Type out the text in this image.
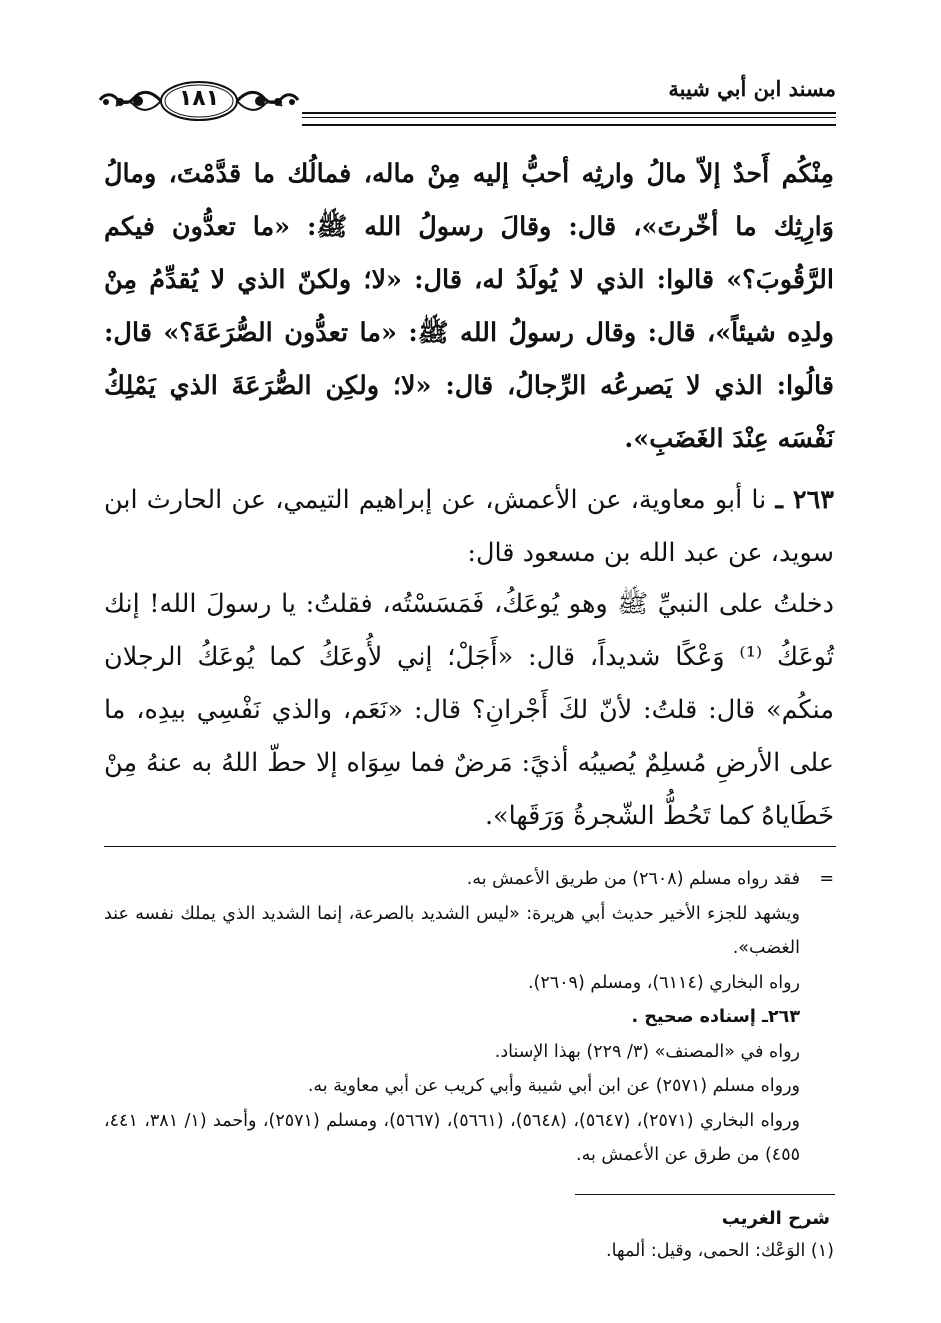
١٨١	مسند ابن أبي شيبة

مِنْكُم أَحدٌ إلاّ مالُ وارثِه أحبُّ إليه مِنْ ماله، فمالُك ما قدَّمْتَ، ومالُ وَارِثِك ما أخّرتَ»، قال: وقالَ رسولُ الله ﷺ: «ما تعدُّون فيكم الرَّقُوبَ؟» قالوا: الذي لا يُولَدُ له، قال: «لا؛ ولكنّ الذي لا يُقدِّمُ مِنْ ولدِه شيئاً»، قال: وقال رسولُ الله ﷺ: «ما تعدُّون الصُّرَعَةَ؟» قال: قالُوا: الذي لا يَصرعُه الرِّجالُ، قال: «لا؛ ولكِن الصُّرَعَةَ الذي يَمْلِكُ نَفْسَه عِنْدَ الغَضَبِ».

٢٦٣ ـ نا أبو معاوية، عن الأعمش، عن إبراهيم التيمي، عن الحارث ابن سويد، عن عبد الله بن مسعود قال:

دخلتُ على النبيِّ ﷺ وهو يُوعَكُ، فَمَسَسْتُه، فقلتُ: يا رسولَ الله! إنك تُوعَكُ ⁽¹⁾ وَعْكًا شديداً، قال: «أَجَلْ؛ إني لأُوعَكُ كما يُوعَكُ الرجلان منكُم» قال: قلتُ: لأنّ لكَ أَجْرانِ؟ قال: «نَعَم، والذي نَفْسِي بيدِه، ما على الأرضِ مُسلِمٌ يُصيبُه أذيً: مَرضٌ فما سِوَاه إلا حطّ اللهُ به عنهُ مِنْ خَطَاياهُ كما تَحُطُّ الشّجرةُ وَرَقَها».

=فقد رواه مسلم (٢٦٠٨) من طريق الأعمش به.

ويشهد للجزء الأخير حديث أبي هريرة: «ليس الشديد بالصرعة، إنما الشديد الذي يملك نفسه عند الغضب».

رواه البخاري (٦١١٤)، ومسلم (٢٦٠٩).

٢٦٣ـ إسناده صحيح .

رواه في «المصنف» (٣/ ٢٢٩) بهذا الإسناد.

ورواه مسلم (٢٥٧١) عن ابن أبي شيبة وأبي كريب عن أبي معاوية به.

ورواه البخاري (٢٥٧١)، (٥٦٤٧)، (٥٦٤٨)، (٥٦٦١)، (٥٦٦٧)، ومسلم (٢٥٧١)، وأحمد (١/ ٣٨١، ٤٤١، ٤٥٥) من طرق عن الأعمش به.

شرح الغريب
(١) الوَعْك: الحمى، وقيل: ألمها.
